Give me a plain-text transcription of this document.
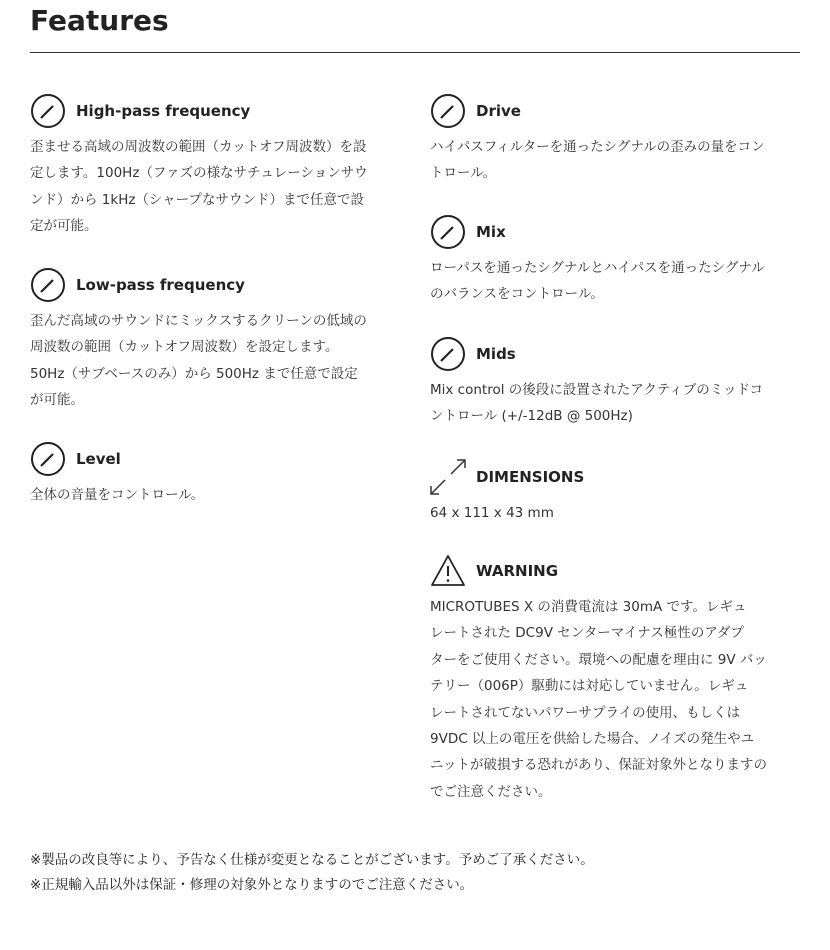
Features
High-pass frequency
歪ませる高域の周波数の範囲（カットオフ周波数）を設
定します。100Hz（ファズの様なサチュレーションサウ
ンド）から 1kHz（シャープなサウンド）まで任意で設
定が可能。
Low-pass frequency
歪んだ高域のサウンドにミックスするクリーンの低域の
周波数の範囲（カットオフ周波数）を設定します。
50Hz（サブベースのみ）から 500Hz まで任意で設定
が可能。
Level
全体の音量をコントロール。
Drive
ハイパスフィルターを通ったシグナルの歪みの量をコン
トロール。
Mix
ローパスを通ったシグナルとハイパスを通ったシグナル
のバランスをコントロール。
Mids
Mix control の後段に設置されたアクティブのミッドコ
ントロール (+/-12dB @ 500Hz)
DIMENSIONS
64 x 111 x 43 mm
WARNING
MICROTUBES X の消費電流は 30mA です。レギュ
レートされた DC9V センターマイナス極性のアダプ
ターをご使用ください。環境への配慮を理由に 9V バッ
テリー（006P）駆動には対応していません。レギュ
レートされてないパワーサプライの使用、もしくは
9VDC 以上の電圧を供給した場合、ノイズの発生やユ
ニットが破損する恐れがあり、保証対象外となりますの
でご注意ください。
※製品の改良等により、予告なく仕様が変更となることがございます。予めご了承ください。
※正規輸入品以外は保証・修理の対象外となりますのでご注意ください。
